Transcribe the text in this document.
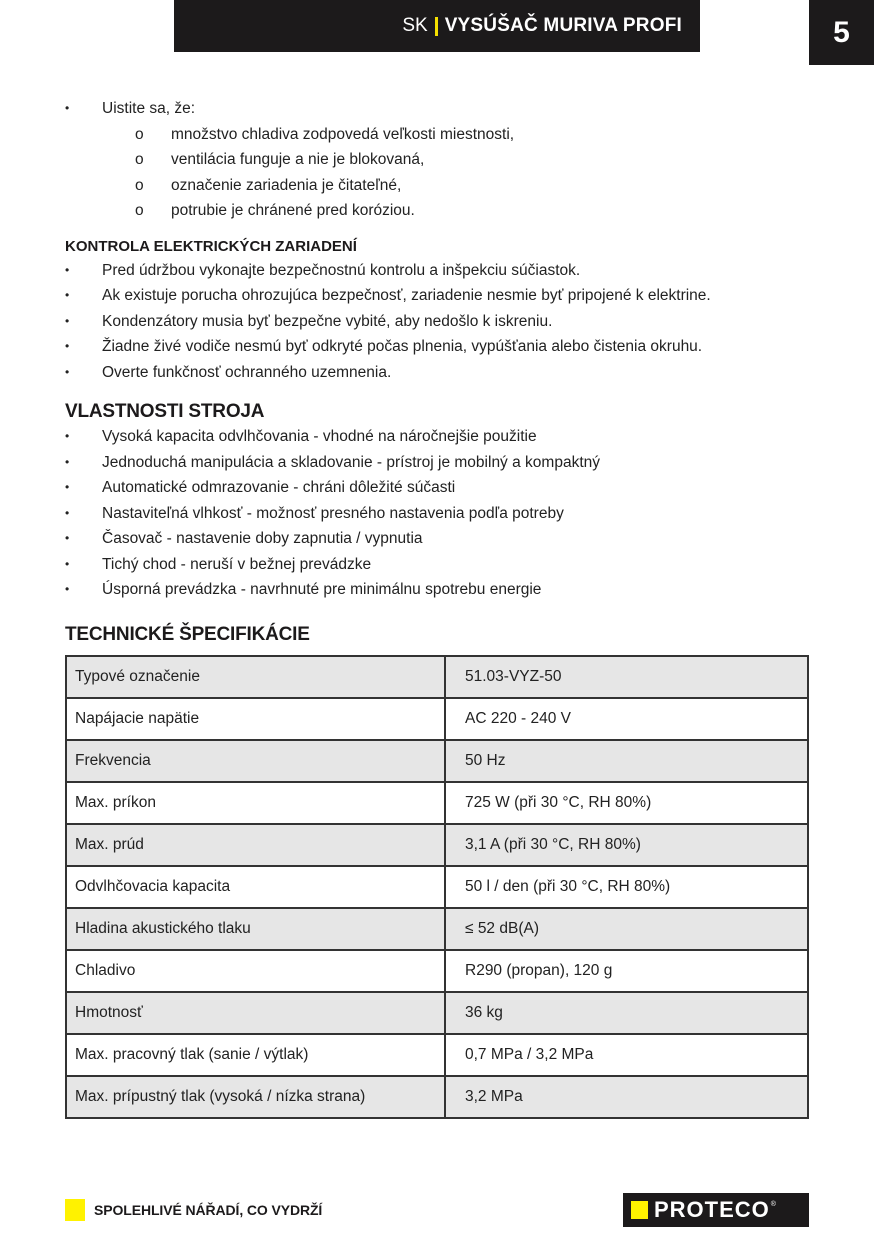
SK VYSÚŠAČ MURIVA PROFI	5
• Uistite sa, že:
o množstvo chladiva zodpovedá veľkosti miestnosti,
o ventilácia funguje a nie je blokovaná,
o označenie zariadenia je čitateľné,
o potrubie je chránené pred koróziou.
KONTROLA ELEKTRICKÝCH ZARIADENÍ
• Pred údržbou vykonajte bezpečnostnú kontrolu a inšpekciu súčiastok.
• Ak existuje porucha ohrozujúca bezpečnosť, zariadenie nesmie byť pripojené k elektrine.
• Kondenzátory musia byť bezpečne vybité, aby nedošlo k iskreniu.
• Žiadne živé vodiče nesmú byť odkryté počas plnenia, vypúšťania alebo čistenia okruhu.
• Overte funkčnosť ochranného uzemnenia.
VLASTNOSTI STROJA
• Vysoká kapacita odvlhčovania - vhodné na náročnejšie použitie
• Jednoduchá manipulácia a skladovanie - prístroj je mobilný a kompaktný
• Automatické odmrazovanie - chráni dôležité súčasti
• Nastaviteľná vlhkosť - možnosť presného nastavenia podľa potreby
• Časovač - nastavenie doby zapnutia / vypnutia
• Tichý chod - neruší v bežnej prevádzke
• Úsporná prevádzka - navrhnuté pre minimálnu spotrebu energie
TECHNICKÉ ŠPECIFIKÁCIE
Typové označenie	51.03-VYZ-50
Napájacie napätie	AC 220 - 240 V
Frekvencia	50 Hz
Max. príkon	725 W (při 30 °C, RH 80%)
Max. prúd	3,1 A (při 30 °C, RH 80%)
Odvlhčovacia kapacita	50 l / den (při 30 °C, RH 80%)
Hladina akustického tlaku	≤ 52 dB(A)
Chladivo	R290 (propan), 120 g
Hmotnosť	36 kg
Max. pracovný tlak (sanie / výtlak)	0,7 MPa / 3,2 MPa
Max. prípustný tlak (vysoká / nízka strana)	3,2 MPa
SPOLEHLIVÉ NÁŘADÍ, CO VYDRŽÍ	PROTECO ®
